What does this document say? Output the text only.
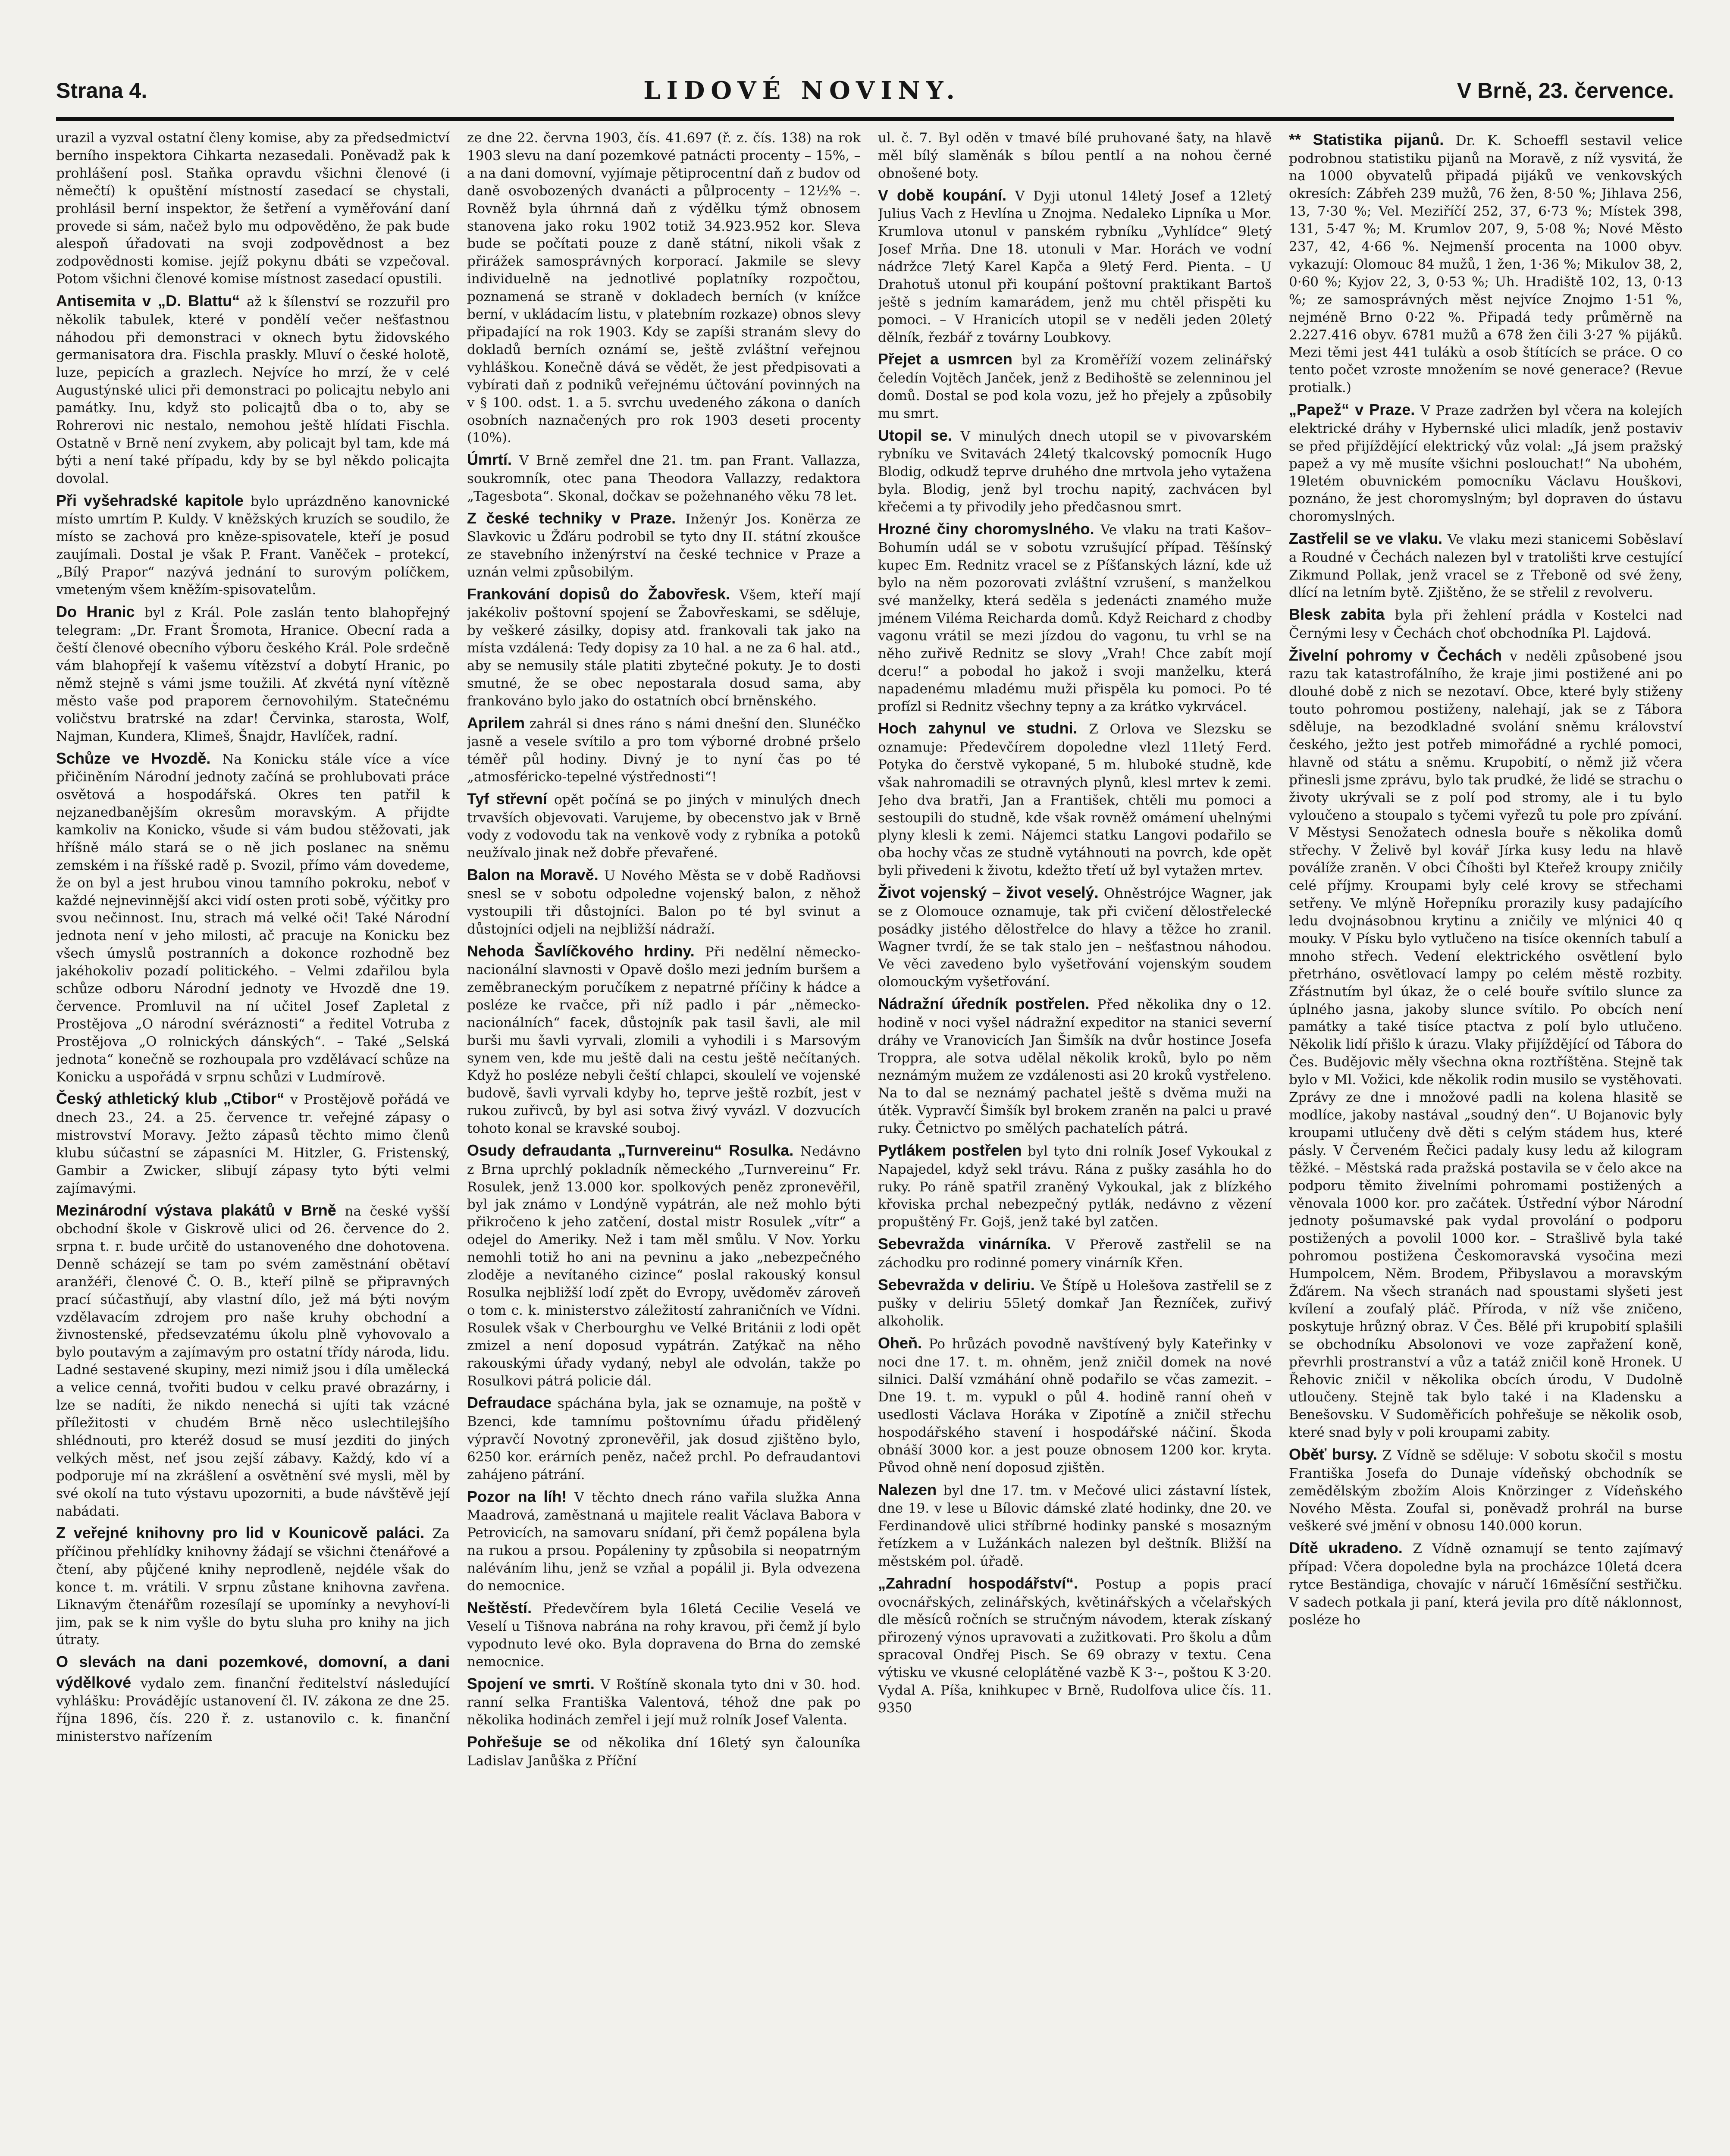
Strana 4.	LIDOVÉ NOVINY.	V Brně, 23. července.

urazil a vyzval ostatní členy komise, aby za předsedmictví berního inspektora Cihkarta nezasedali. Poněvadž pak k prohlášení posl. Staňka opravdu všichni členové (i němečtí) k opuštění místností zasedací se chystali, prohlásil berní inspektor, že šetření a vyměřování daní provede si sám, načež bylo mu odpověděno, že pak bude alespoň úřadovati na svoji zodpovědnost a bez zodpovědnosti komise. jejíž pokynu dbáti se vzpečoval. Potom všichni členové komise místnost zasedací opustili.

Antisemita v „D. Blattu“ až k šílenství se rozzuřil pro několik tabulek, které v pondělí večer nešťastnou náhodou při demonstraci v oknech bytu židovského germanisatora dra. Fischla praskly. Mluví o české holotě, luze, pepicích a grazlech. Nejvíce ho mrzí, že v celé Augustýnské ulici při demonstraci po policajtu nebylo ani památky. Inu, když sto policajtů dba o to, aby se Rohrerovi nic nestalo, nemohou ještě hlídati Fischla. Ostatně v Brně není zvykem, aby policajt byl tam, kde má býti a není také případu, kdy by se byl někdo policajta dovolal.

Při vyšehradské kapitole bylo uprázdněno kanovnické místo umrtím P. Kuldy. V kněžských kruzích se soudilo, že místo se zachová pro kněze-spisovatele, kteří je posud zaujímali. Dostal je však P. Frant. Vaněček – protekcí, „Bílý Prapor“ nazývá jednání to surovým políčkem, vmeteným všem kněžím-spisovatelům.

Do Hranic byl z Král. Pole zaslán tento blahopřejný telegram: „Dr. Frant Šromota, Hranice. Obecní rada a čeští členové obecního výboru českého Král. Pole srdečně vám blahopřejí k vašemu vítězství a dobytí Hranic, po němž stejně s vámi jsme toužili. Ať zkvétá nyní vítězně město vaše pod praporem černovohilým. Statečnému voličstvu bratrské na zdar! Červinka, starosta, Wolf, Najman, Kundera, Klimeš, Šnajdr, Havlíček, radní.

Schůze ve Hvozdě. Na Konicku stále více a více přičiněním Národní jednoty začíná se prohlubovati práce osvětová a hospodářská. Okres ten patřil k nejzanedbanějším okresům moravským. A přijdte kamkoliv na Konicko, všude si vám budou stěžovati, jak hříšně málo stará se o ně jich poslanec na sněmu zemském i na říšské radě p. Svozil, přímo vám dovedeme, že on byl a jest hrubou vinou tamního pokroku, neboť v každé nejnevinnější akci vidí osten proti sobě, výčitky pro svou nečinnost. Inu, strach má velké oči! Také Národní jednota není v jeho milosti, ač pracuje na Konicku bez všech úmyslů postranních a dokonce rozhodně bez jakéhokoliv pozadí politického. – Velmi zdařilou byla schůze odboru Národní jednoty ve Hvozdě dne 19. července. Promluvil na ní učitel Josef Zapletal z Prostějova „O národní svéráznosti“ a ředitel Votruba z Prostějova „O rolnických dánských“. – Také „Selská jednota“ konečně se rozhoupala pro vzdělávací schůze na Konicku a uspořádá v srpnu schůzi v Ludmírově.

Český athletický klub „Ctibor“ v Prostějově pořádá ve dnech 23., 24. a 25. července tr. veřejné zápasy o mistrovství Moravy. Ježto zápasů těchto mimo členů klubu súčastní se zápasníci M. Hitzler, G. Fristenský, Gambir a Zwicker, slibují zápasy tyto býti velmi zajímavými.

Mezinárodní výstava plakátů v Brně na české vyšší obchodní škole v Giskrově ulici od 26. července do 2. srpna t. r. bude určitě do ustanoveného dne dohotovena. Denně scházejí se tam po svém zaměstnání obětaví aranžéři, členové Č. O. B., kteří pilně se připravných prací súčastňují, aby vlastní dílo, jež má býti novým vzdělavacím zdrojem pro naše kruhy obchodní a živnostenské, předsevzatému úkolu plně vyhovovalo a bylo poutavým a zajímavým pro ostatní třídy národa, lidu. Ladné sestavené skupiny, mezi nimiž jsou i díla umělecká a velice cenná, tvořiti budou v celku pravé obrazárny, i lze se nadíti, že nikdo nenechá si ujíti tak vzácné příležitosti v chudém Brně něco uslechtilejšího shlédnouti, pro kteréž dosud se musí jezditi do jiných velkých měst, neť jsou zejší zábavy. Každý, kdo ví a podporuje mí na zkrášlení a osvětnění své mysli, měl by své okolí na tuto výstavu upozorniti, a bude návštěvě její nabádati.

Z veřejné knihovny pro lid v Kounicově paláci. Za příčinou přehlídky knihovny žádají se všichni čtenářové a čtení, aby půjčené knihy neprodleně, nejdéle však do konce t. m. vrátili. V srpnu zůstane knihovna zavřena. Liknavým čtenářům rozesílají se upomínky a nevyhoví-li jim, pak se k nim vyšle do bytu sluha pro knihy na jich útraty.

O slevách na dani pozemkové, domovní, a dani výdělkové vydalo zem. finanční ředitelství následující vyhlášku: Provádějíc ustanovení čl. IV. zákona ze dne 25. října 1896, čís. 220 ř. z. ustanovilo c. k. finanční ministerstvo nařízením

ze dne 22. června 1903, čís. 41.697 (ř. z. čís. 138) na rok 1903 slevu na daní pozemkové patnácti procenty – 15%, – a na dani domovní, vyjímaje pětiprocentní daň z budov od daně osvobozených dvanácti a půlprocenty – 12½% –. Rovněž byla úhrnná daň z výdělku týmž obnosem stanovena jako roku 1902 totiž 34.923.952 kor. Sleva bude se počítati pouze z daně státní, nikoli však z přirážek samosprávných korporací. Jakmile se slevy individuelně na jednotlivé poplatníky rozpočtou, poznamená se straně v dokladech berních (v knížce berní, v ukládacím listu, v platebním rozkaze) obnos slevy připadající na rok 1903. Kdy se zapíši stranám slevy do dokladů berních oznámí se, ještě zvláštní veřejnou vyhláškou. Konečně dává se vědět, že jest předpisovati a vybírati daň z podniků veřejnému účtování povinných na v § 100. odst. 1. a 5. svrchu uvedeného zákona o daních osobních naznačených pro rok 1903 deseti procenty (10%).

Úmrtí. V Brně zemřel dne 21. tm. pan Frant. Vallazza, soukromník, otec pana Theodora Vallazzy, redaktora „Tagesbota“. Skonal, dočkav se požehnaného věku 78 let.

Z české techniky v Praze. Inženýr Jos. Konërza ze Slavkovic u Žďáru podrobil se tyto dny II. státní zkoušce ze stavebního inženýrství na české technice v Praze a uznán velmi způsobilým.

Frankování dopisů do Žabovřesk. Všem, kteří mají jakékoliv poštovní spojení se Žabovřeskami, se sděluje, by veškeré zásilky, dopisy atd. frankovali tak jako na místa vzdálená: Tedy dopisy za 10 hal. a ne za 6 hal. atd., aby se nemusily stále platiti zbytečné pokuty. Je to dosti smutné, že se obec nepostarala dosud sama, aby frankováno bylo jako do ostatních obcí brněnského.

Aprilem zahrál si dnes ráno s námi dnešní den. Slunéčko jasně a vesele svítilo a pro tom výborné drobné pršelo téměř půl hodiny. Divný je to nyní čas po té „atmosféricko-tepelné výstřednosti“!

Tyf střevní opět počíná se po jiných v minulých dnech trvavších objevovati. Varujeme, by obecenstvo jak v Brně vody z vodovodu tak na venkově vody z rybníka a potoků neužívalo jinak než dobře převařené.

Balon na Moravě. U Nového Města se v době Radňovsi snesl se v sobotu odpoledne vojenský balon, z něhož vystoupili tři důstojníci. Balon po té byl svinut a důstojníci odjeli na nejbližší nádraží.

Nehoda Šavlíčkového hrdiny. Při nedělní německo-nacionální slavnosti v Opavě došlo mezi jedním buršem a zeměbraneckým poručíkem z nepatrné příčiny k hádce a posléze ke rvačce, při níž padlo i pár „německo-nacionálních“ facek, důstojník pak tasil šavli, ale mil burši mu šavli vyrvali, zlomili a vyhodili i s Marsovým synem ven, kde mu ještě dali na cestu ještě nečítaných. Když ho posléze nebyli čeští chlapci, skoulelí ve vojenské budově, šavli vyrvali kdyby ho, teprve ještě rozbít, jest v rukou zuřivců, by byl asi sotva živý vyvázl. V dozvucích tohoto konal se kravské souboj.

Osudy defraudanta „Turnvereinu“ Rosulka. Nedávno z Brna uprchlý pokladník německého „Turnvereinu“ Fr. Rosulek, jenž 13.000 kor. spolkových peněz zpronevěřil, byl jak známo v Londýně vypátrán, ale než mohlo býti přikročeno k jeho zatčení, dostal mistr Rosulek „vítr“ a odejel do Ameriky. Než i tam měl smůlu. V Nov. Yorku nemohli totiž ho ani na pevninu a jako „nebezpečného zloděje a nevítaného cizince“ poslal rakouský konsul Rosulka nejbližší lodí zpět do Evropy, uvědoměv zároveň o tom c. k. ministerstvo záležitostí zahraničních ve Vídni. Rosulek však v Cherbourghu ve Velké Británii z lodi opět zmizel a není doposud vypátrán. Zatýkač na něho rakouskými úřady vydaný, nebyl ale odvolán, takže po Rosulkovi pátrá policie dál.

Defraudace spáchána byla, jak se oznamuje, na poště v Bzenci, kde tamnímu poštovnímu úřadu přidělený výpravčí Novotný zpronevěřil, jak dosud zjištěno bylo, 6250 kor. erárních peněz, načež prchl. Po defraudantovi zahájeno pátrání.

Pozor na líh! V těchto dnech ráno vařila služka Anna Maadrová, zaměstnaná u majitele realit Václava Babora v Petrovicích, na samovaru snídaní, při čemž popálena byla na rukou a prsou. Popáleniny ty způsobila si neopatrným naléváním lihu, jenž se vzňal a popálil ji. Byla odvezena do nemocnice.

Neštěstí. Předevčírem byla 16letá Cecilie Veselá ve Veselí u Tišnova nabrána na rohy kravou, při čemž jí bylo vypodnuto levé oko. Byla dopravena do Brna do zemské nemocnice.

Spojení ve smrti. V Roštíně skonala tyto dni v 30. hod. ranní selka Františka Valentová, téhož dne pak po několika hodinách zemřel i její muž rolník Josef Valenta.

Pohřešuje se od několika dní 16letý syn čalouníka Ladislav Janůška z Příční

ul. č. 7. Byl oděn v tmavé bílé pruhované šaty, na hlavě měl bílý slaměnák s bílou pentlí a na nohou černé obnošené boty.

V době koupání. V Dyji utonul 14letý Josef a 12letý Julius Vach z Hevlína u Znojma. Nedaleko Lipníka u Mor. Krumlova utonul v panském rybníku „Vyhlídce“ 9letý Josef Mrňa. Dne 18. utonuli v Mar. Horách ve vodní nádržce 7letý Karel Kapča a 9letý Ferd. Pienta. – U Drahotuš utonul při koupání poštovní praktikant Bartoš ještě s jedním kamarádem, jenž mu chtěl přispěti ku pomoci. – V Hranicích utopil se v neděli jeden 20letý dělník, řezbář z továrny Loubkovy.

Přejet a usmrcen byl za Kroměříží vozem zelinářský čeledín Vojtěch Janček, jenž z Bedihoště se zelenninou jel domů. Dostal se pod kola vozu, jež ho přejely a způsobily mu smrt.

Utopil se. V minulých dnech utopil se v pivovarském rybníku ve Svitavách 24letý tkalcovský pomocník Hugo Blodig, odkudž teprve druhého dne mrtvola jeho vytažena byla. Blodig, jenž byl trochu napitý, zachvácen byl křečemi a ty přivodily jeho předčasnou smrt.

Hrozné činy choromyslného. Ve vlaku na trati Kašov–Bohumín udál se v sobotu vzrušující případ. Těšínský kupec Em. Rednitz vracel se z Píšťanských lázní, kde už bylo na něm pozorovati zvláštní vzrušení, s manželkou své manželky, která seděla s jedenácti znamého muže jménem Viléma Reicharda domů. Když Reichard z chodby vagonu vrátil se mezi jízdou do vagonu, tu vrhl se na něho zuřivě Rednitz se slovy „Vrah! Chce zabít mojí dceru!“ a pobodal ho jakož i svoji manželku, která napadenému mladému muži přispěla ku pomoci. Po té profízl si Rednitz všechny tepny a za krátko vykrvácel.

Hoch zahynul ve studni. Z Orlova ve Slezsku se oznamuje: Předevčírem dopoledne vlezl 11letý Ferd. Potyka do čerstvě vykopané, 5 m. hluboké studně, kde však nahromadili se otravných plynů, klesl mrtev k zemi. Jeho dva bratři, Jan a František, chtěli mu pomoci a sestoupili do studně, kde však rovněž omámení uhelnými plyny klesli k zemi. Nájemci statku Langovi podařilo se oba hochy včas ze studně vytáhnouti na povrch, kde opět byli přivedeni k životu, kdežto třetí už byl vytažen mrtev.

Život vojenský – život veselý. Ohněstrójce Wagner, jak se z Olomouce oznamuje, tak při cvičení dělostřelecké posádky jistého dělostřelce do hlavy a těžce ho zranil. Wagner tvrdí, že se tak stalo jen – nešťastnou náhodou. Ve věci zavedeno bylo vyšetřování vojenským soudem olomouckým vyšetřování.

Nádražní úředník postřelen. Před několika dny o 12. hodině v noci vyšel nádražní expeditor na stanici severní dráhy ve Vranovicích Jan Šimšík na dvůr hostince Josefa Troppra, ale sotva udělal několik kroků, bylo po něm neznámým mužem ze vzdálenosti asi 20 kroků vystřeleno. Na to dal se neznámý pachatel ještě s dvěma muži na útěk. Vypravčí Šimšík byl brokem zraněn na palci u pravé ruky. Četnictvo po smělých pachatelích pátrá.

Pytlákem postřelen byl tyto dni rolník Josef Vykoukal z Napajedel, když sekl trávu. Rána z pušky zasáhla ho do ruky. Po ráně spatřil zraněný Vykoukal, jak z blízkého křoviska prchal nebezpečný pytlák, nedávno z vězení propuštěný Fr. Gojš, jenž také byl zatčen.

Sebevražda vinárníka. V Přerově zastřelil se na záchodku pro rodinné pomery vinárník Křen.

Sebevražda v deliriu. Ve Štípě u Holešova zastřelil se z pušky v deliriu 55letý domkař Jan Řezníček, zuřivý alkoholik.

Oheň. Po hrůzách povodně navštívený byly Kateřinky v noci dne 17. t. m. ohněm, jenž zničil domek na nové silnici. Další vzmáhání ohně podařilo se včas zamezit. – Dne 19. t. m. vypukl o půl 4. hodině ranní oheň v usedlosti Václava Horáka v Zipotíně a zničil střechu hospodářského stavení i hospodářské náčiní. Škoda obnáší 3000 kor. a jest pouze obnosem 1200 kor. kryta. Původ ohně není doposud zjištěn.

Nalezen byl dne 17. tm. v Mečové ulici zástavní lístek, dne 19. v lese u Bílovic dámské zlaté hodinky, dne 20. ve Ferdinandově ulici stříbrné hodinky panské s mosazným řetízkem a v Lužánkách nalezen byl deštník. Bližší na městském pol. úřadě.

„Zahradní hospodářství“. Postup a popis prací ovocnářských, zelinářských, květinářských a včelařských dle měsíců ročních se stručným návodem, kterak získaný přirozený výnos upravovati a zužitkovati. Pro školu a dům spracoval Ondřej Pisch. Se 69 obrazy v textu. Cena výtisku ve vkusné celoplátěné vazbě K 3·–, poštou K 3·20. Vydal A. Píša, knihkupec v Brně, Rudolfova ulice čís. 11. 9350

** Statistika pijanů. Dr. K. Schoeffl sestavil velice podrobnou statistiku pijanů na Moravě, z níž vysvitá, že na 1000 obyvatelů připadá pijáků ve venkovských okresích: Zábřeh 239 mužů, 76 žen, 8·50 %; Jihlava 256, 13, 7·30 %; Vel. Meziříčí 252, 37, 6·73 %; Místek 398, 131, 5·47 %; M. Krumlov 207, 9, 5·08 %; Nové Město 237, 42, 4·66 %. Nejmenší procenta na 1000 obyv. vykazují: Olomouc 84 mužů, 1 žen, 1·36 %; Mikulov 38, 2, 0·60 %; Kyjov 22, 3, 0·53 %; Uh. Hradiště 102, 13, 0·13 %; ze samosprávných měst nejvíce Znojmo 1·51 %, nejméně Brno 0·22 %. Připadá tedy průměrně na 2.227.416 obyv. 6781 mužů a 678 žen čili 3·27 % pijáků. Mezi těmi jest 441 tulákù a osob štítících se práce. O co tento počet vzroste množením se nové generace? (Revue protialk.)

„Papež“ v Praze. V Praze zadržen byl včera na kolejích elektrické dráhy v Hybernské ulici mladík, jenž postaviv se před přijíždějící elektrický vůz volal: „Já jsem pražský papež a vy mě musíte všichni poslouchat!“ Na ubohém, 19letém obuvnickém pomocníku Václavu Houškovi, poznáno, že jest choromyslným; byl dopraven do ústavu choromyslných.

Zastřelil se ve vlaku. Ve vlaku mezi stanicemi Soběslaví a Roudné v Čechách nalezen byl v tratolišti krve cestující Zikmund Pollak, jenž vracel se z Třeboně od své ženy, dlící na letním bytě. Zjištěno, že se střelil z revolveru.

Blesk zabita byla při žehlení prádla v Kostelci nad Černými lesy v Čechách choť obchodníka Pl. Lajdová.

Živelní pohromy v Čechách v neděli způsobené jsou razu tak katastrofálního, že kraje jimi postižené ani po dlouhé době z nich se nezotaví. Obce, které byly stiženy touto pohromou postiženy, nalehají, jak se z Tábora sděluje, na bezodkladné svolání sněmu království českého, ježto jest potřeb mimořádné a rychlé pomoci, hlavně od státu a sněmu. Krupobití, o němž již včera přinesli jsme zprávu, bylo tak prudké, že lidé se strachu o životy ukrývali se z polí pod stromy, ale i tu bylo vyloučeno a stoupalo s tyčemi vyřezů tu pole pro zpívání. V Městysi Senožatech odnesla bouře s několika domů střechy. V Želivě byl kovář Jírka kusy ledu na hlavě poválíže zraněn. V obci Číhošti byl Kteřež kroupy zničily celé příjmy. Kroupami byly celé krovy se střechami setřeny. Ve mlýně Hořepníku prorazily kusy padajícího ledu dvojnásobnou krytinu a zničily ve mlýnici 40 q mouky. V Písku bylo vytlučeno na tisíce okenních tabulí a mnoho střech. Vedení elektrického osvětlení bylo přetrháno, osvětlovací lampy po celém městě rozbity. Zřástnutím byl úkaz, že o celé bouře svítilo slunce za úplného jasna, jakoby slunce svítilo. Po obcích není památky a také tisíce ptactva z polí bylo utlučeno. Několik lidí přišlo k úrazu. Vlaky přijíždějící od Tábora do Čes. Budějovic měly všechna okna roztříštěna. Stejně tak bylo v Ml. Vožici, kde několik rodin musilo se vystěhovati. Zprávy ze dne i množové padli na kolena hlasitě se modlíce, jakoby nastával „soudný den“. U Bojanovic byly kroupami utlučeny dvě děti s celým stádem hus, které pásly. V Červeném Řečici padaly kusy ledu až kilogram těžké. – Městská rada pražská postavila se v čelo akce na podporu těmito živelními pohromami postižených a věnovala 1000 kor. pro začátek. Ústřední výbor Národní jednoty pošumavské pak vydal provolání o podporu postižených a povolil 1000 kor. – Strašlivě byla také pohromou postižena Českomoravská vysočina mezi Humpolcem, Něm. Brodem, Přibyslavou a moravským Žďárem. Na všech stranách nad spoustami slyšeti jest kvílení a zoufalý pláč. Příroda, v níž vše zničeno, poskytuje hrůzný obraz. V Čes. Bělé při krupobití splašili se obchodníku Absolonovi ve voze zapřažení koně, převrhli prostranství a vůz a tatáž zničil koně Hronek. U Řehovic zničil v několika obcích úrodu, V Dudolně utloučeny. Stejně tak bylo také i na Kladensku a Benešovsku. V Sudoměřicích pohřešuje se několik osob, které snad byly v poli kroupami zabity.

Oběť bursy. Z Vídně se sděluje: V sobotu skočil s mostu Františka Josefa do Dunaje vídeňský obchodník se zemědělským zbožím Alois Knörzinger z Vídeňského Nového Města. Zoufal si, poněvadž prohrál na burse veškeré své jmění v obnosu 140.000 korun.

Dítě ukradeno. Z Vídně oznamují se tento zajímavý případ: Včera dopoledne byla na procházce 10letá dcera rytce Beständiga, chovajíc v náručí 16měsíční sestřičku. V sadech potkala ji paní, která jevila pro dítě náklonnost, posléze ho
